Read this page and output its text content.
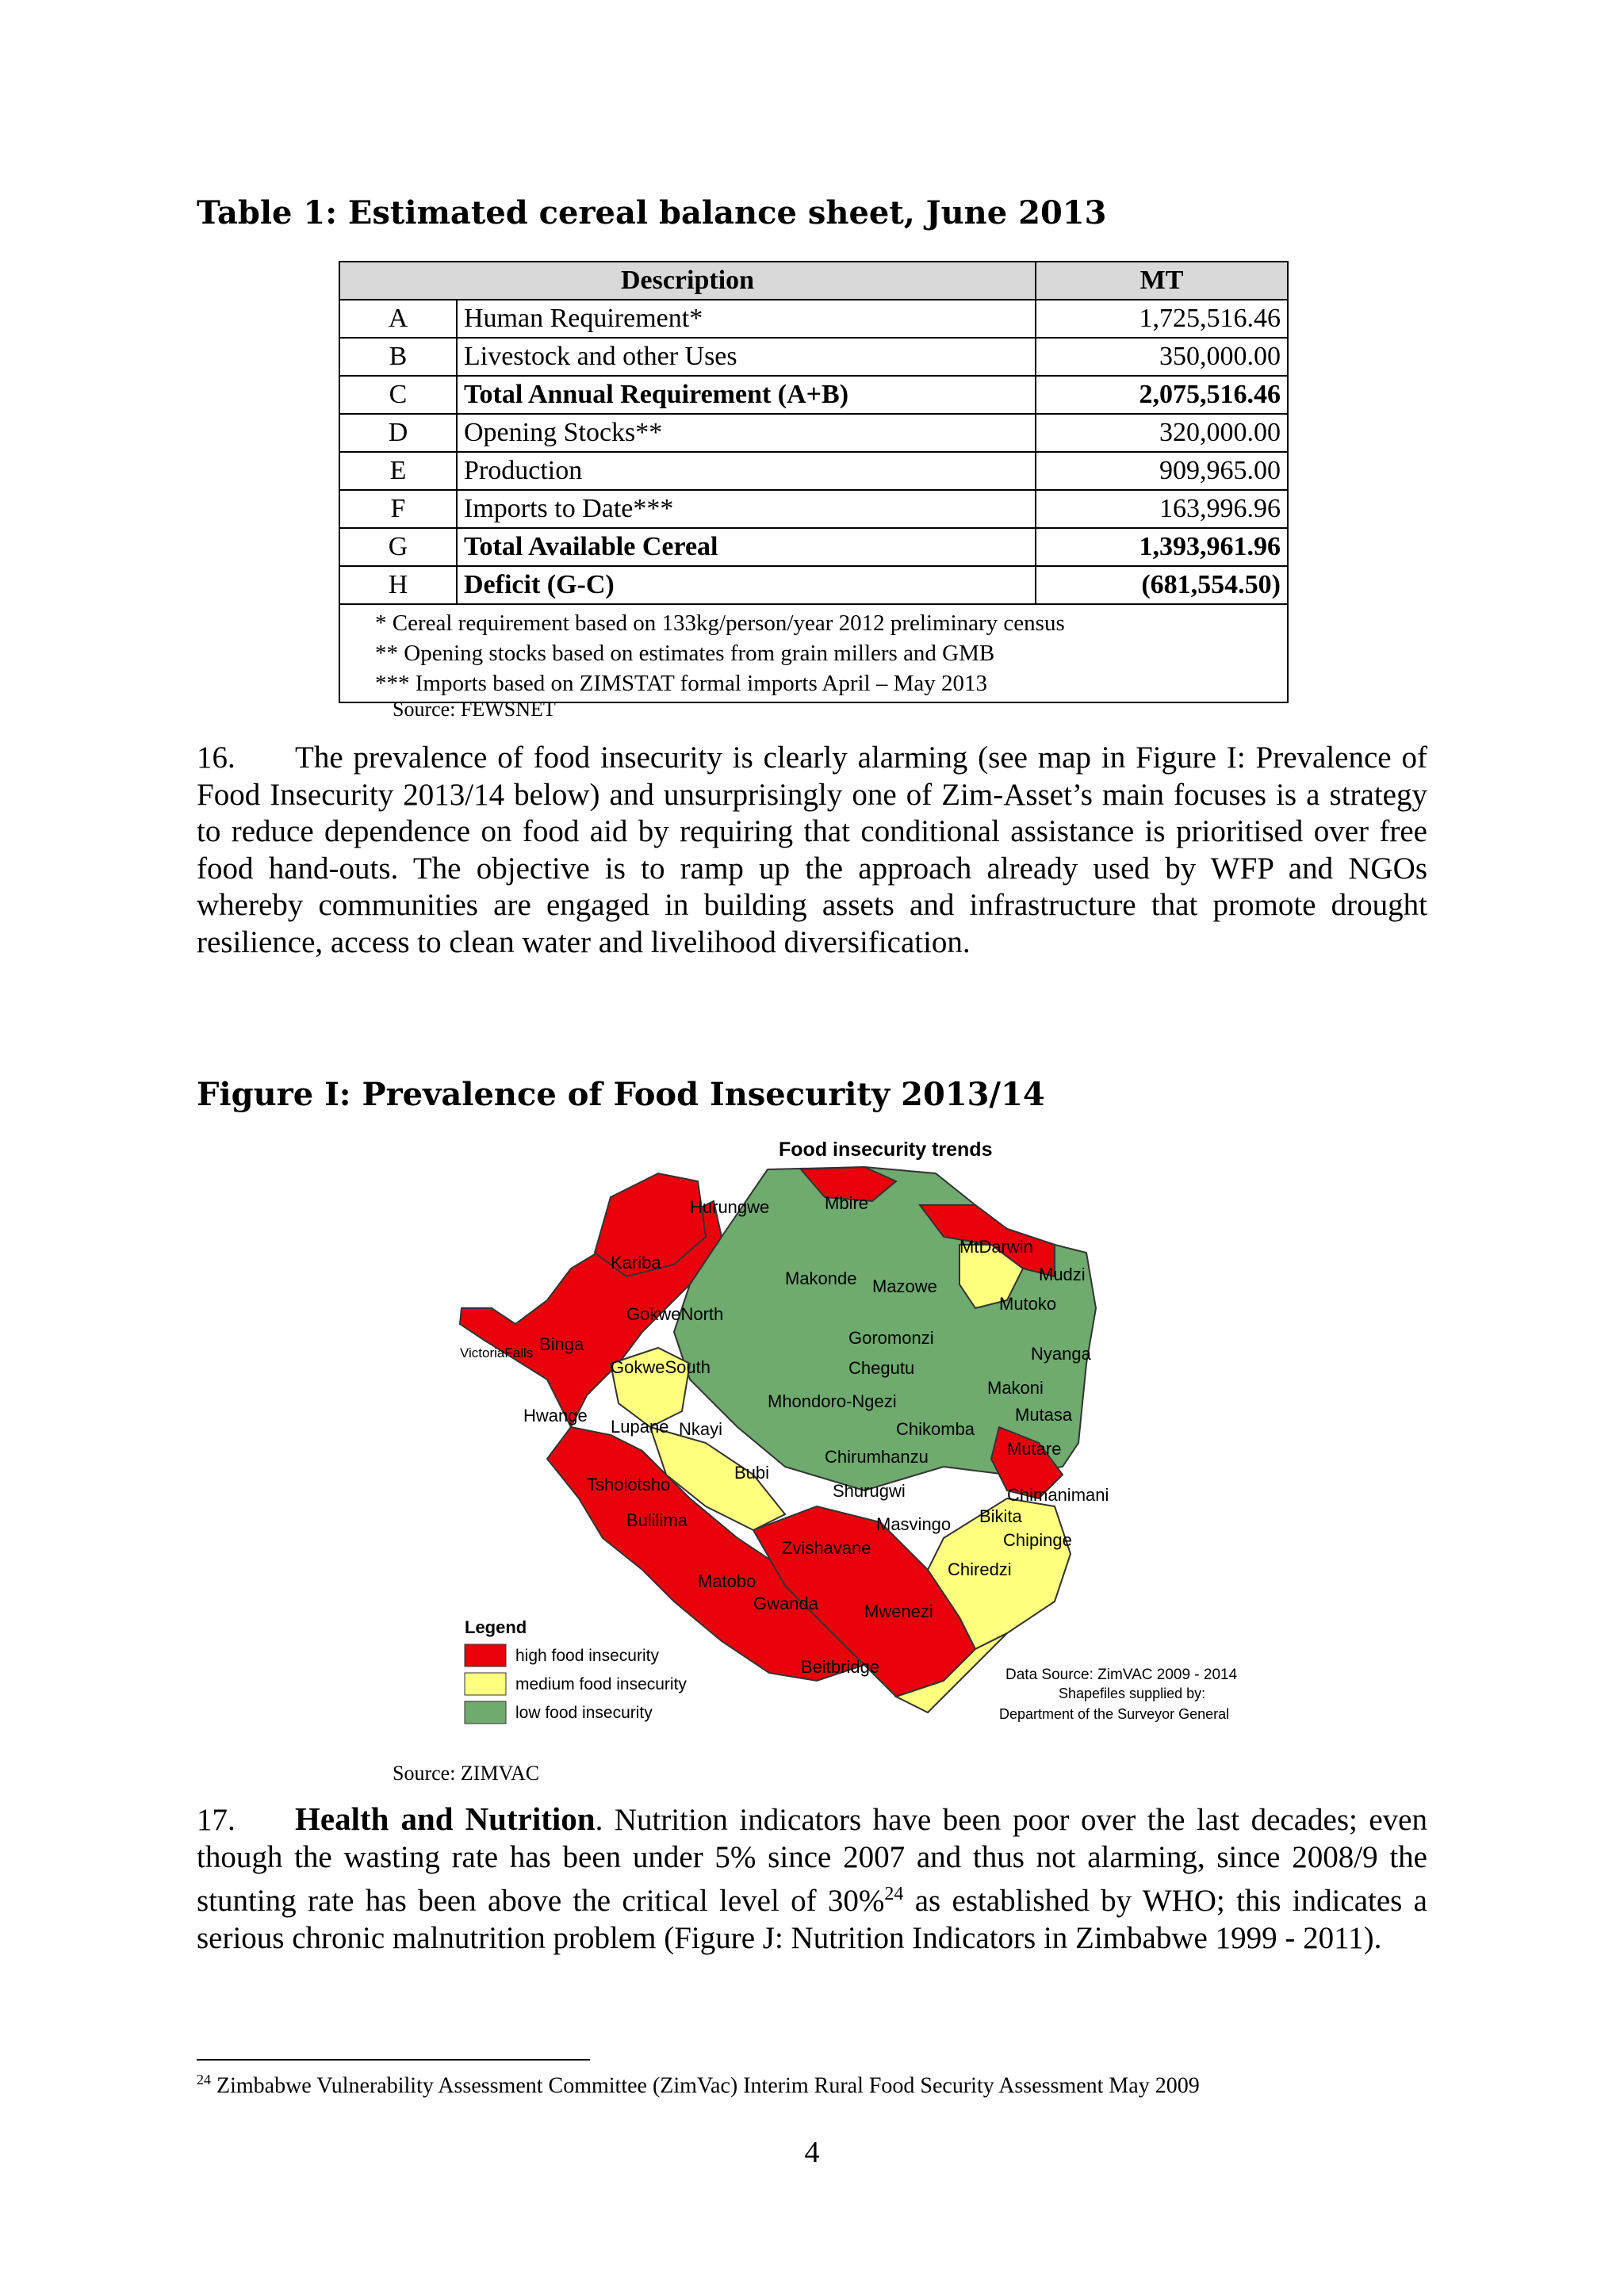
Table 1: Estimated cereal balance sheet, June 2013
Description		MT
A	Human Requirement*	1,725,516.46
B	Livestock and other Uses	350,000.00
C	Total Annual Requirement (A+B)	2,075,516.46
D	Opening Stocks**	320,000.00
E	Production	909,965.00
F	Imports to Date***	163,996.96
G	Total Available Cereal	1,393,961.96
H	Deficit (G-C)	(681,554.50)

* Cereal requirement based on 133kg/person/year 2012 preliminary census
** Opening stocks based on estimates from grain millers and GMB
*** Imports based on ZIMSTAT formal imports April – May 2013		
Source: FEWSNET
16. The prevalence of food insecurity is clearly alarming (see map in Figure I: Prevalence of Food Insecurity 2013/14 below) and unsurprisingly one of Zim-Asset’s main focuses is a strategy to reduce dependence on food aid by requiring that conditional assistance is prioritised over free food hand-outs. The objective is to ramp up the approach already used by WFP and NGOs whereby communities are engaged in building assets and infrastructure that promote drought resilience, access to clean water and livelihood diversification.
Figure I: Prevalence of Food Insecurity 2013/14
Food insecurity trends
Hurungwe	Mbire
MtDarwin
Mudzi
Kariba
Makonde Mazowe
Mutoko
GokweNorth
Binga	Goromonzi
Nyanga
VictoriaFalls
GokweSouth	Chegutu
Makoni
Hwange
Mhondoro-Ngezi
Mutasa
Lupane Nkayi	Chikomba
Mutare
Chirumhanzu
Bubi
Tsholotsho	Shurugwi	Chimanimani
Bulilima	Masvingo Bikita
Zvishavane	Chipinge
Chiredzi
Matobo
Gwanda	Mwenezi
Beitbridge
Legend
high food insecurity
medium food insecurity
low food insecurity
Data Source: ZimVAC 2009 - 2014
Shapefiles supplied by:
Department of the Surveyor General
Source: ZIMVAC
17. Health and Nutrition. Nutrition indicators have been poor over the last decades; even though the wasting rate has been under 5% since 2007 and thus not alarming, since 2008/9 the stunting rate has been above the critical level of 30%$^{24}$ as established by WHO; this indicates a serious chronic malnutrition problem (Figure J: Nutrition Indicators in Zimbabwe 1999 - 2011).
$^{24}$ Zimbabwe Vulnerability Assessment Committee (ZimVac) Interim Rural Food Security Assessment May 2009
4
